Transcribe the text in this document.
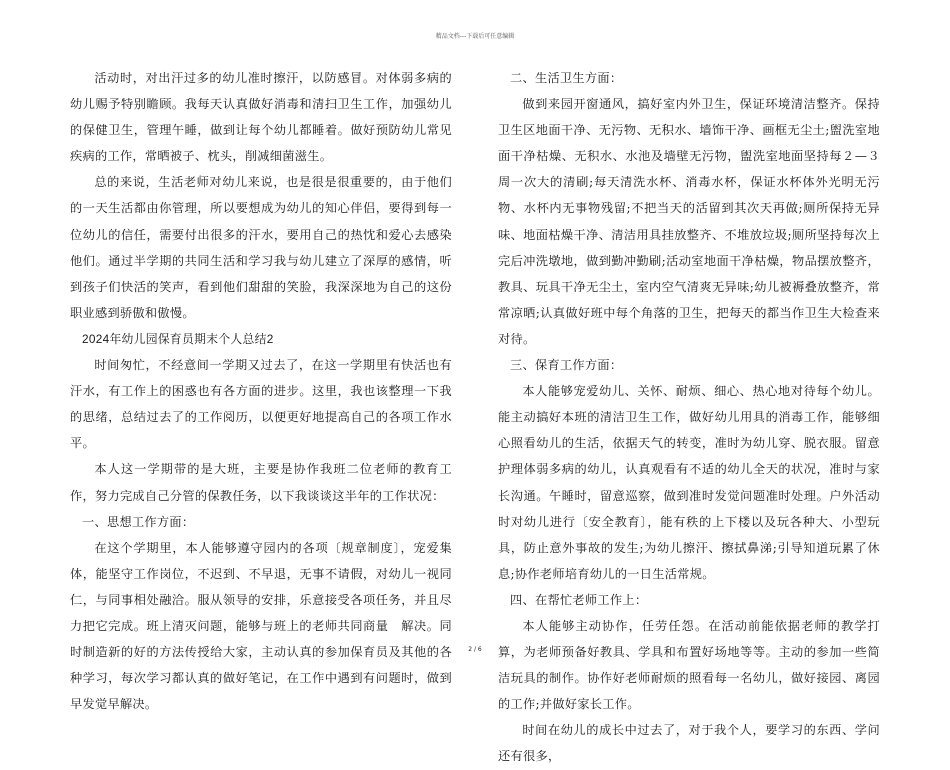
精品文档---下载后可任意编辑

活动时，对出汗过多的幼儿准时擦汗，以防感冒。对体弱多病的幼儿赐予特别瞻顾。我每天认真做好消毒和清扫卫生工作，加强幼儿的保健卫生，管理午睡，做到让每个幼儿都睡着。做好预防幼儿常见疾病的工作，常晒被子、枕头，削减细菌滋生。

总的来说，生活老师对幼儿来说，也是很是很重要的，由于他们的一天生活都由你管理，所以要想成为幼儿的知心伴侣，要得到每一位幼儿的信任，需要付出很多的汗水，要用自己的热忱和爱心去感染他们。通过半学期的共同生活和学习我与幼儿建立了深厚的感情，听到孩子们快活的笑声，看到他们甜甜的笑脸，我深深地为自己的这份职业感到骄傲和傲慢。

2024年幼儿园保育员期末个人总结2

时间匆忙，不经意间一学期又过去了，在这一学期里有快活也有汗水，有工作上的困惑也有各方面的进步。这里，我也该整理一下我的思绪，总结过去了的工作阅历，以便更好地提高自己的各项工作水平。

本人这一学期带的是大班，主要是协作我班二位老师的教育工作，努力完成自己分管的保教任务，以下我谈谈这半年的工作状况：

一、思想工作方面：

在这个学期里，本人能够遵守园内的各项〔规章制度〕，宠爱集体，能坚守工作岗位，不迟到、不早退，无事不请假，对幼儿一视同仁，与同事相处融洽。服从领导的安排，乐意接受各项任务，并且尽力把它完成。班上清灭问题，能够与班上的老师共同商量　解决。同时制造新的好的方法传授给大家，主动认真的参加保育员及其他的各种学习，每次学习都认真的做好笔记，在工作中遇到有问题时，做到早发觉早解决。

二、生活卫生方面：

做到来园开窗通风，搞好室内外卫生，保证环境清洁整齐。保持卫生区地面干净、无污物、无积水、墙饰干净、画框无尘土;盥洗室地面干净枯燥、无积水、水池及墙壁无污物，盥洗室地面坚持每２—３周一次大的清刷;每天清洗水杯、消毒水杯，保证水杯体外光明无污物、水杯内无事物残留;不把当天的活留到其次天再做;厕所保持无异味、地面枯燥干净、清洁用具挂放整齐、不堆放垃圾;厕所坚持每次上完后冲洗墩地，做到勤冲勤刷;活动室地面干净枯燥，物品摆放整齐，教具、玩具干净无尘土，室内空气清爽无异味;幼儿被褥叠放整齐，常常凉晒;认真做好班中每个角落的卫生，把每天的都当作卫生大检查来对待。

三、保育工作方面：

本人能够宠爱幼儿、关怀、耐烦、细心、热心地对待每个幼儿。能主动搞好本班的清洁卫生工作，做好幼儿用具的消毒工作，能够细心照看幼儿的生活，依据天气的转变，准时为幼儿穿、脱衣服。留意护理体弱多病的幼儿，认真观看有不适的幼儿全天的状况，准时与家长沟通。午睡时，留意巡察，做到准时发觉问题准时处理。户外活动时对幼儿进行〔安全教育〕，能有秩的上下楼以及玩各种大、小型玩具，防止意外事故的发生;为幼儿擦汗、擦拭鼻涕;引导知道玩累了休息;协作老师培育幼儿的一日生活常规。

四、在帮忙老师工作上：

本人能够主动协作，任劳任怨。在活动前能依据老师的教学打算，为老师预备好教具、学具和布置好场地等等。主动的参加一些简洁玩具的制作。协作好老师耐烦的照看每一名幼儿，做好接园、离园的工作;并做好家长工作。

时间在幼儿的成长中过去了，对于我个人，要学习的东西、学问还有很多，

2 / 6
